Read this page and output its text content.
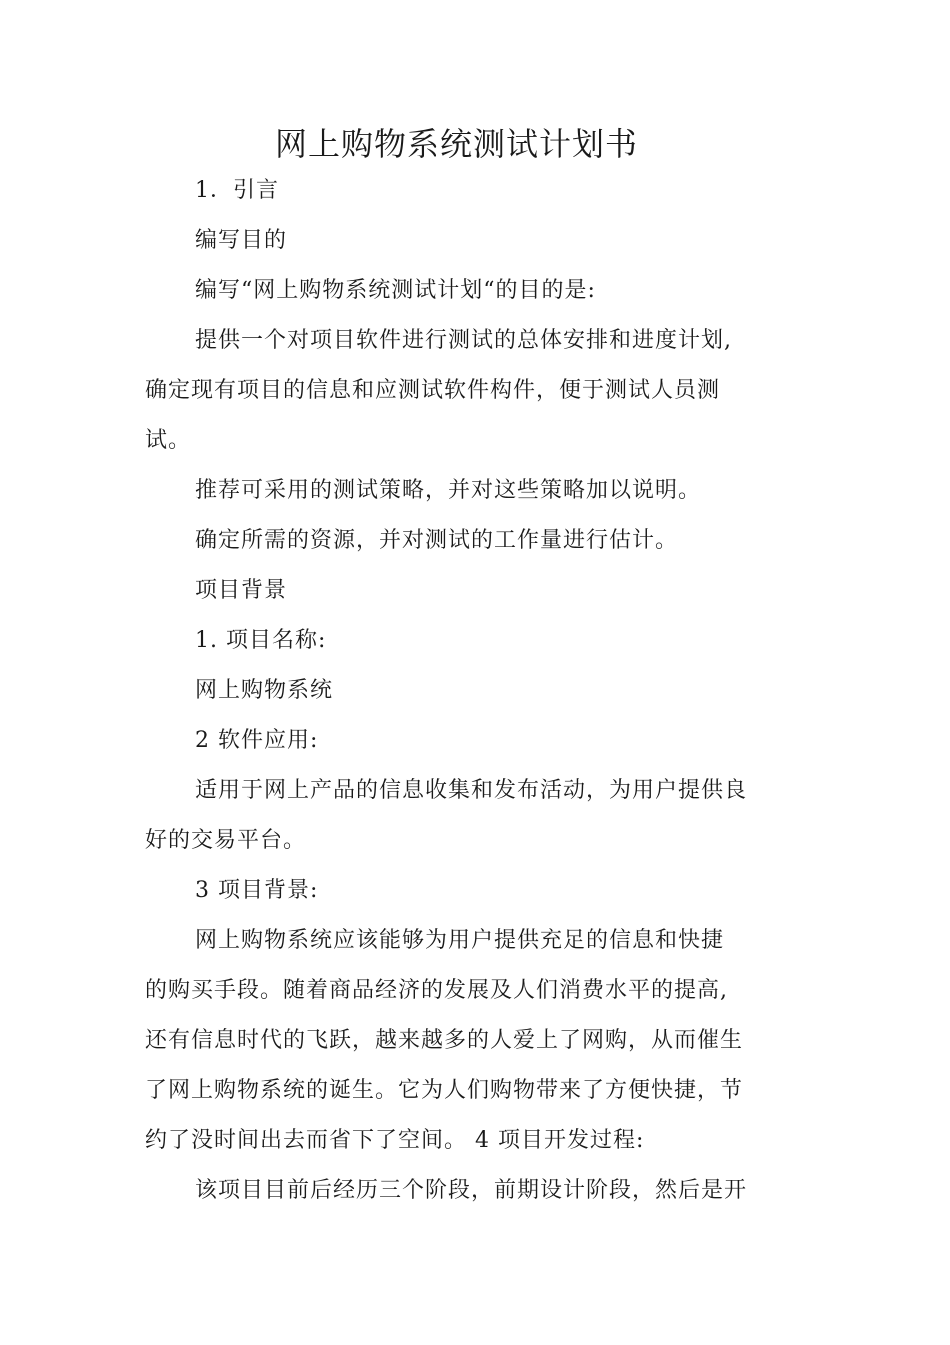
网上购物系统测试计划书
1．引言
编写目的
编写“网上购物系统测试计划“的目的是:
提供一个对项目软件进行测试的总体安排和进度计划,
确定现有项目的信息和应测试软件构件，便于测试人员测
试。
推荐可采用的测试策略，并对这些策略加以说明。
确定所需的资源，并对测试的工作量进行估计。
项目背景
1. 项目名称:
网上购物系统
2 软件应用:
适用于网上产品的信息收集和发布活动，为用户提供良
好的交易平台。
3 项目背景:
网上购物系统应该能够为用户提供充足的信息和快捷
的购买手段。随着商品经济的发展及人们消费水平的提高,
还有信息时代的飞跃，越来越多的人爱上了网购，从而催生
了网上购物系统的诞生。它为人们购物带来了方便快捷，节
约了没时间出去而省下了空间。 4 项目开发过程:
该项目目前后经历三个阶段，前期设计阶段，然后是开
